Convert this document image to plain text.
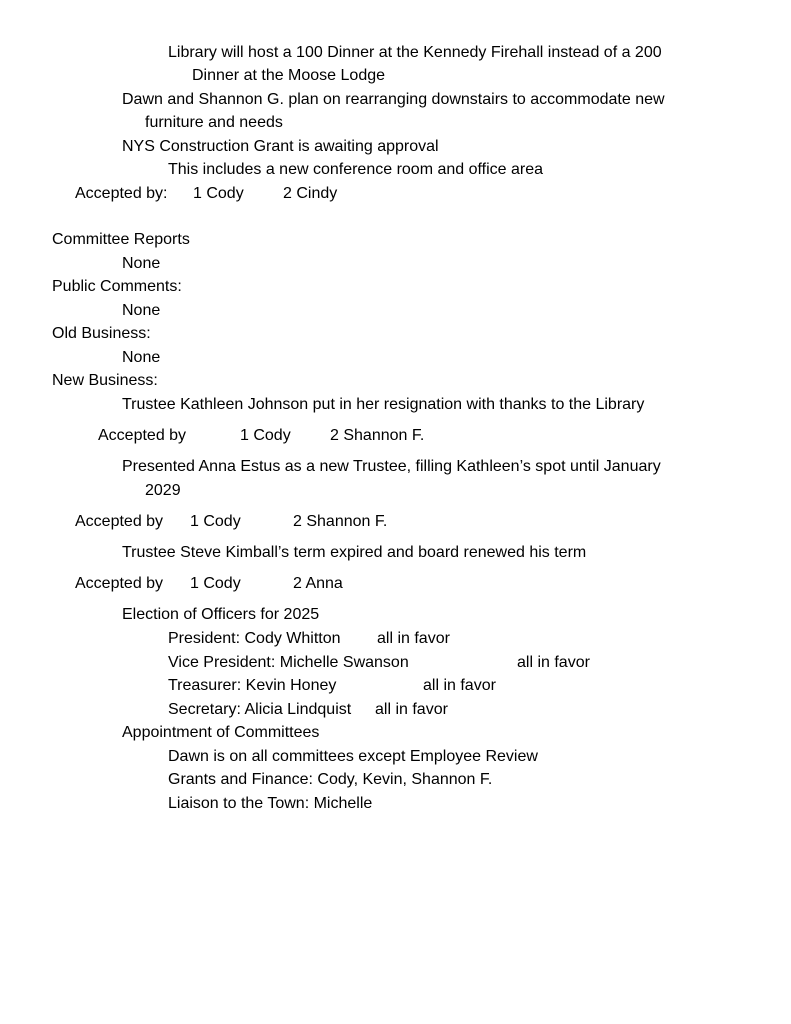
Library will host a 100 Dinner at the Kennedy Firehall instead of a 200
Dinner at the Moose Lodge
Dawn and Shannon G. plan on rearranging downstairs to accommodate new
furniture and needs
NYS Construction Grant is awaiting approval
This includes a new conference room and office area
Accepted by: 1 Cody 2 Cindy
Committee Reports
None
Public Comments:
None
Old Business:
None
New Business:
Trustee Kathleen Johnson put in her resignation with thanks to the Library
Accepted by	1 Cody 2 Shannon F.
Presented Anna Estus as a new Trustee, filling Kathleen’s spot until January
2029
Accepted by 1 Cody	2 Shannon F.
Trustee Steve Kimball’s term expired and board renewed his term
Accepted by 1 Cody	2 Anna
Election of Officers for 2025
President: Cody Whitton all in favor
Vice President: Michelle Swanson	all in favor
Treasurer: Kevin Honey	all in favor
Secretary: Alicia Lindquist all in favor
Appointment of Committees
Dawn is on all committees except Employee Review
Grants and Finance: Cody, Kevin, Shannon F.
Liaison to the Town: Michelle
